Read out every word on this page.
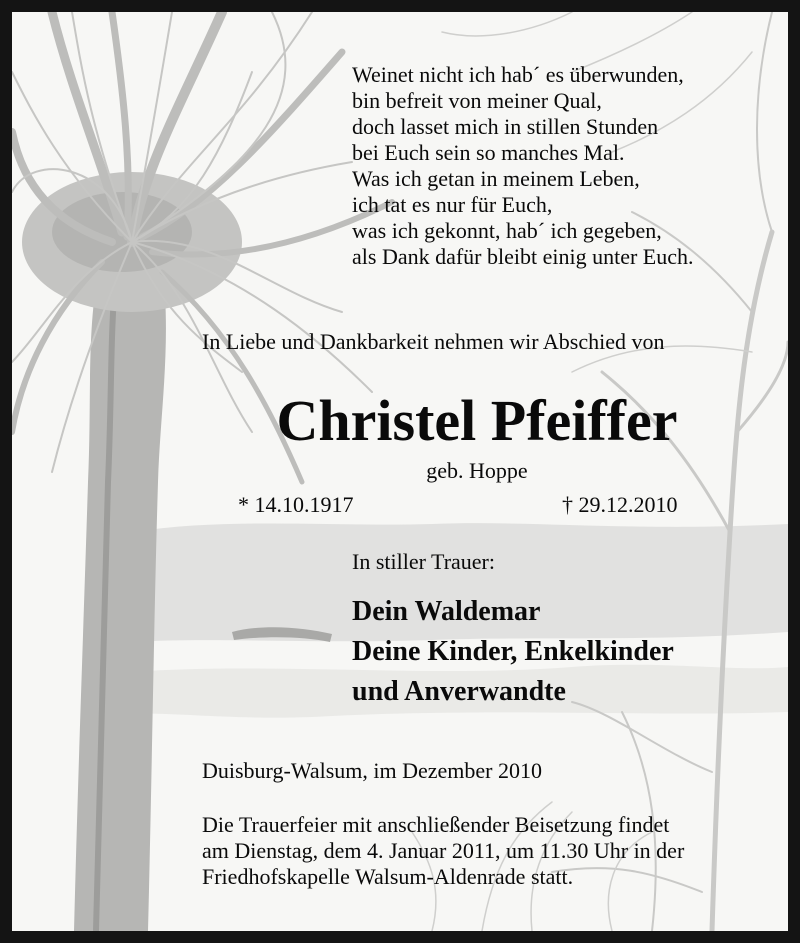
Weinet nicht ich hab´ es überwunden,
bin befreit von meiner Qual,
doch lasset mich in stillen Stunden
bei Euch sein so manches Mal.
Was ich getan in meinem Leben,
ich tat es nur für Euch,
was ich gekonnt, hab´ ich gegeben,
als Dank dafür bleibt einig unter Euch.
In Liebe und Dankbarkeit nehmen wir Abschied von
Christel Pfeiffer
geb. Hoppe
* 14.10.1917	† 29.12.2010
In stiller Trauer:
Dein Waldemar
Deine Kinder, Enkelkinder
und Anverwandte
Duisburg-Walsum, im Dezember 2010
Die Trauerfeier mit anschließender Beisetzung findet
am Dienstag, dem 4. Januar 2011, um 11.30 Uhr in der
Friedhofskapelle Walsum-Aldenrade statt.
